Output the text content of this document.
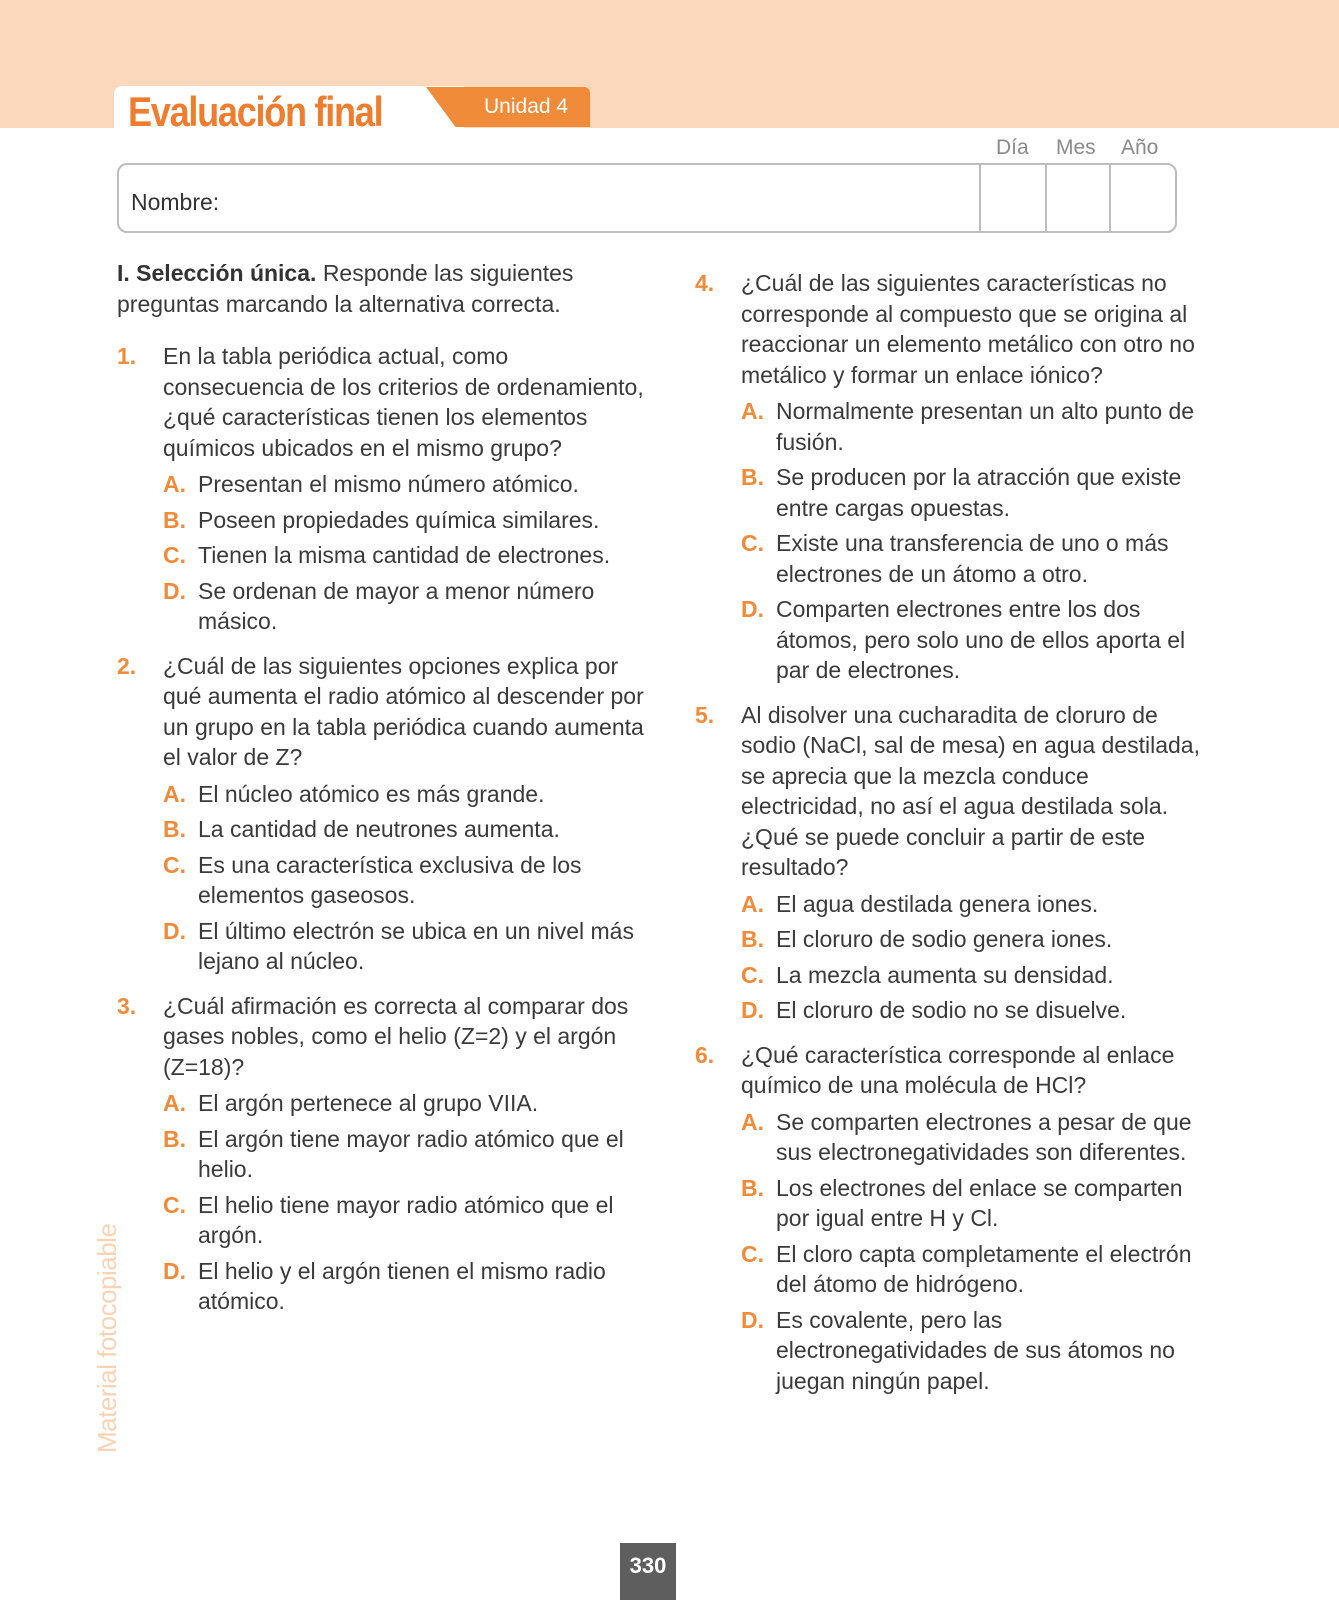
Evaluación final	Unidad 4
Día Mes Año
Nombre:
I. Selección única. Responde las siguientes preguntas marcando la alternativa correcta.
1. En la tabla periódica actual, como consecuencia de los criterios de ordenamiento, ¿qué características tienen los elementos químicos ubicados en el mismo grupo?
A. Presentan el mismo número atómico.
B. Poseen propiedades química similares.
C. Tienen la misma cantidad de electrones.
D. Se ordenan de mayor a menor número másico.
2. ¿Cuál de las siguientes opciones explica por qué aumenta el radio atómico al descender por un grupo en la tabla periódica cuando aumenta el valor de Z?
A. El núcleo atómico es más grande.
B. La cantidad de neutrones aumenta.
C. Es una característica exclusiva de los elementos gaseosos.
D. El último electrón se ubica en un nivel más lejano al núcleo.
3. ¿Cuál afirmación es correcta al comparar dos gases nobles, como el helio (Z=2) y el argón (Z=18)?
A. El argón pertenece al grupo VIIA.
B. El argón tiene mayor radio atómico que el helio.
C. El helio tiene mayor radio atómico que el argón.
D. El helio y el argón tienen el mismo radio atómico.
4. ¿Cuál de las siguientes características no corresponde al compuesto que se origina al reaccionar un elemento metálico con otro no metálico y formar un enlace iónico?
A. Normalmente presentan un alto punto de fusión.
B. Se producen por la atracción que existe entre cargas opuestas.
C. Existe una transferencia de uno o más electrones de un átomo a otro.
D. Comparten electrones entre los dos átomos, pero solo uno de ellos aporta el par de electrones.
5. Al disolver una cucharadita de cloruro de sodio (NaCl, sal de mesa) en agua destilada, se aprecia que la mezcla conduce electricidad, no así el agua destilada sola. ¿Qué se puede concluir a partir de este resultado?
A. El agua destilada genera iones.
B. El cloruro de sodio genera iones.
C. La mezcla aumenta su densidad.
D. El cloruro de sodio no se disuelve.
6. ¿Qué característica corresponde al enlace químico de una molécula de HCl?
A. Se comparten electrones a pesar de que sus electronegatividades son diferentes.
B. Los electrones del enlace se comparten por igual entre H y Cl.
C. El cloro capta completamente el electrón del átomo de hidrógeno.
D. Es covalente, pero las electronegatividades de sus átomos no juegan ningún papel.
Material fotocopiable
330
